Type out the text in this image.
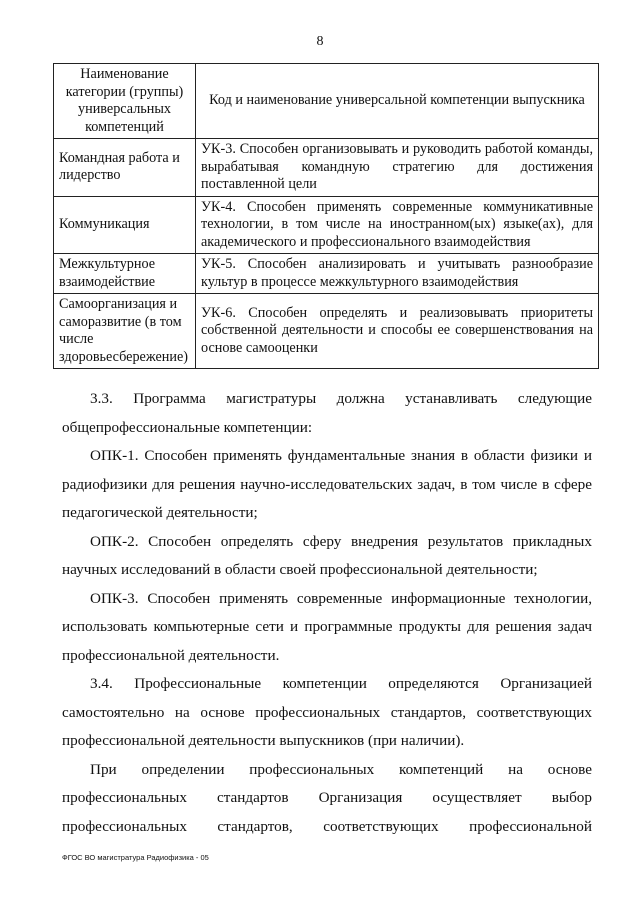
8
Наименование категории (группы) универсальных компетенций	Код и наименование универсальной компетенции выпускника
Командная работа и лидерство	УК-3. Способен организовывать и руководить работой команды, вырабатывая командную стратегию для достижения поставленной цели
Коммуникация	УК-4. Способен применять современные коммуникативные технологии, в том числе на иностранном(ых) языке(ах), для академического и профессионального взаимодействия
Межкультурное взаимодействие	УК-5. Способен анализировать и учитывать разнообразие культур в процессе межкультурного взаимодействия
Самоорганизация и саморазвитие (в том числе здоровьесбережение)	УК-6. Способен определять и реализовывать приоритеты собственной деятельности и способы ее совершенствования на основе самооценки

3.3. Программа магистратуры должна устанавливать следующие общепрофессиональные компетенции:

ОПК-1. Способен применять фундаментальные знания в области физики и радиофизики для решения научно-исследовательских задач, в том числе в сфере педагогической деятельности;

ОПК-2. Способен определять сферу внедрения результатов прикладных научных исследований в области своей профессиональной деятельности;

ОПК-3. Способен применять современные информационные технологии, использовать компьютерные сети и программные продукты для решения задач профессиональной деятельности.

3.4. Профессиональные компетенции определяются Организацией самостоятельно на основе профессиональных стандартов, соответствующих профессиональной деятельности выпускников (при наличии).

При определении профессиональных компетенций на основе профессиональных стандартов Организация осуществляет выбор профессиональных стандартов, соответствующих профессиональной

ФГОС ВО магистратура Радиофизика - 05
